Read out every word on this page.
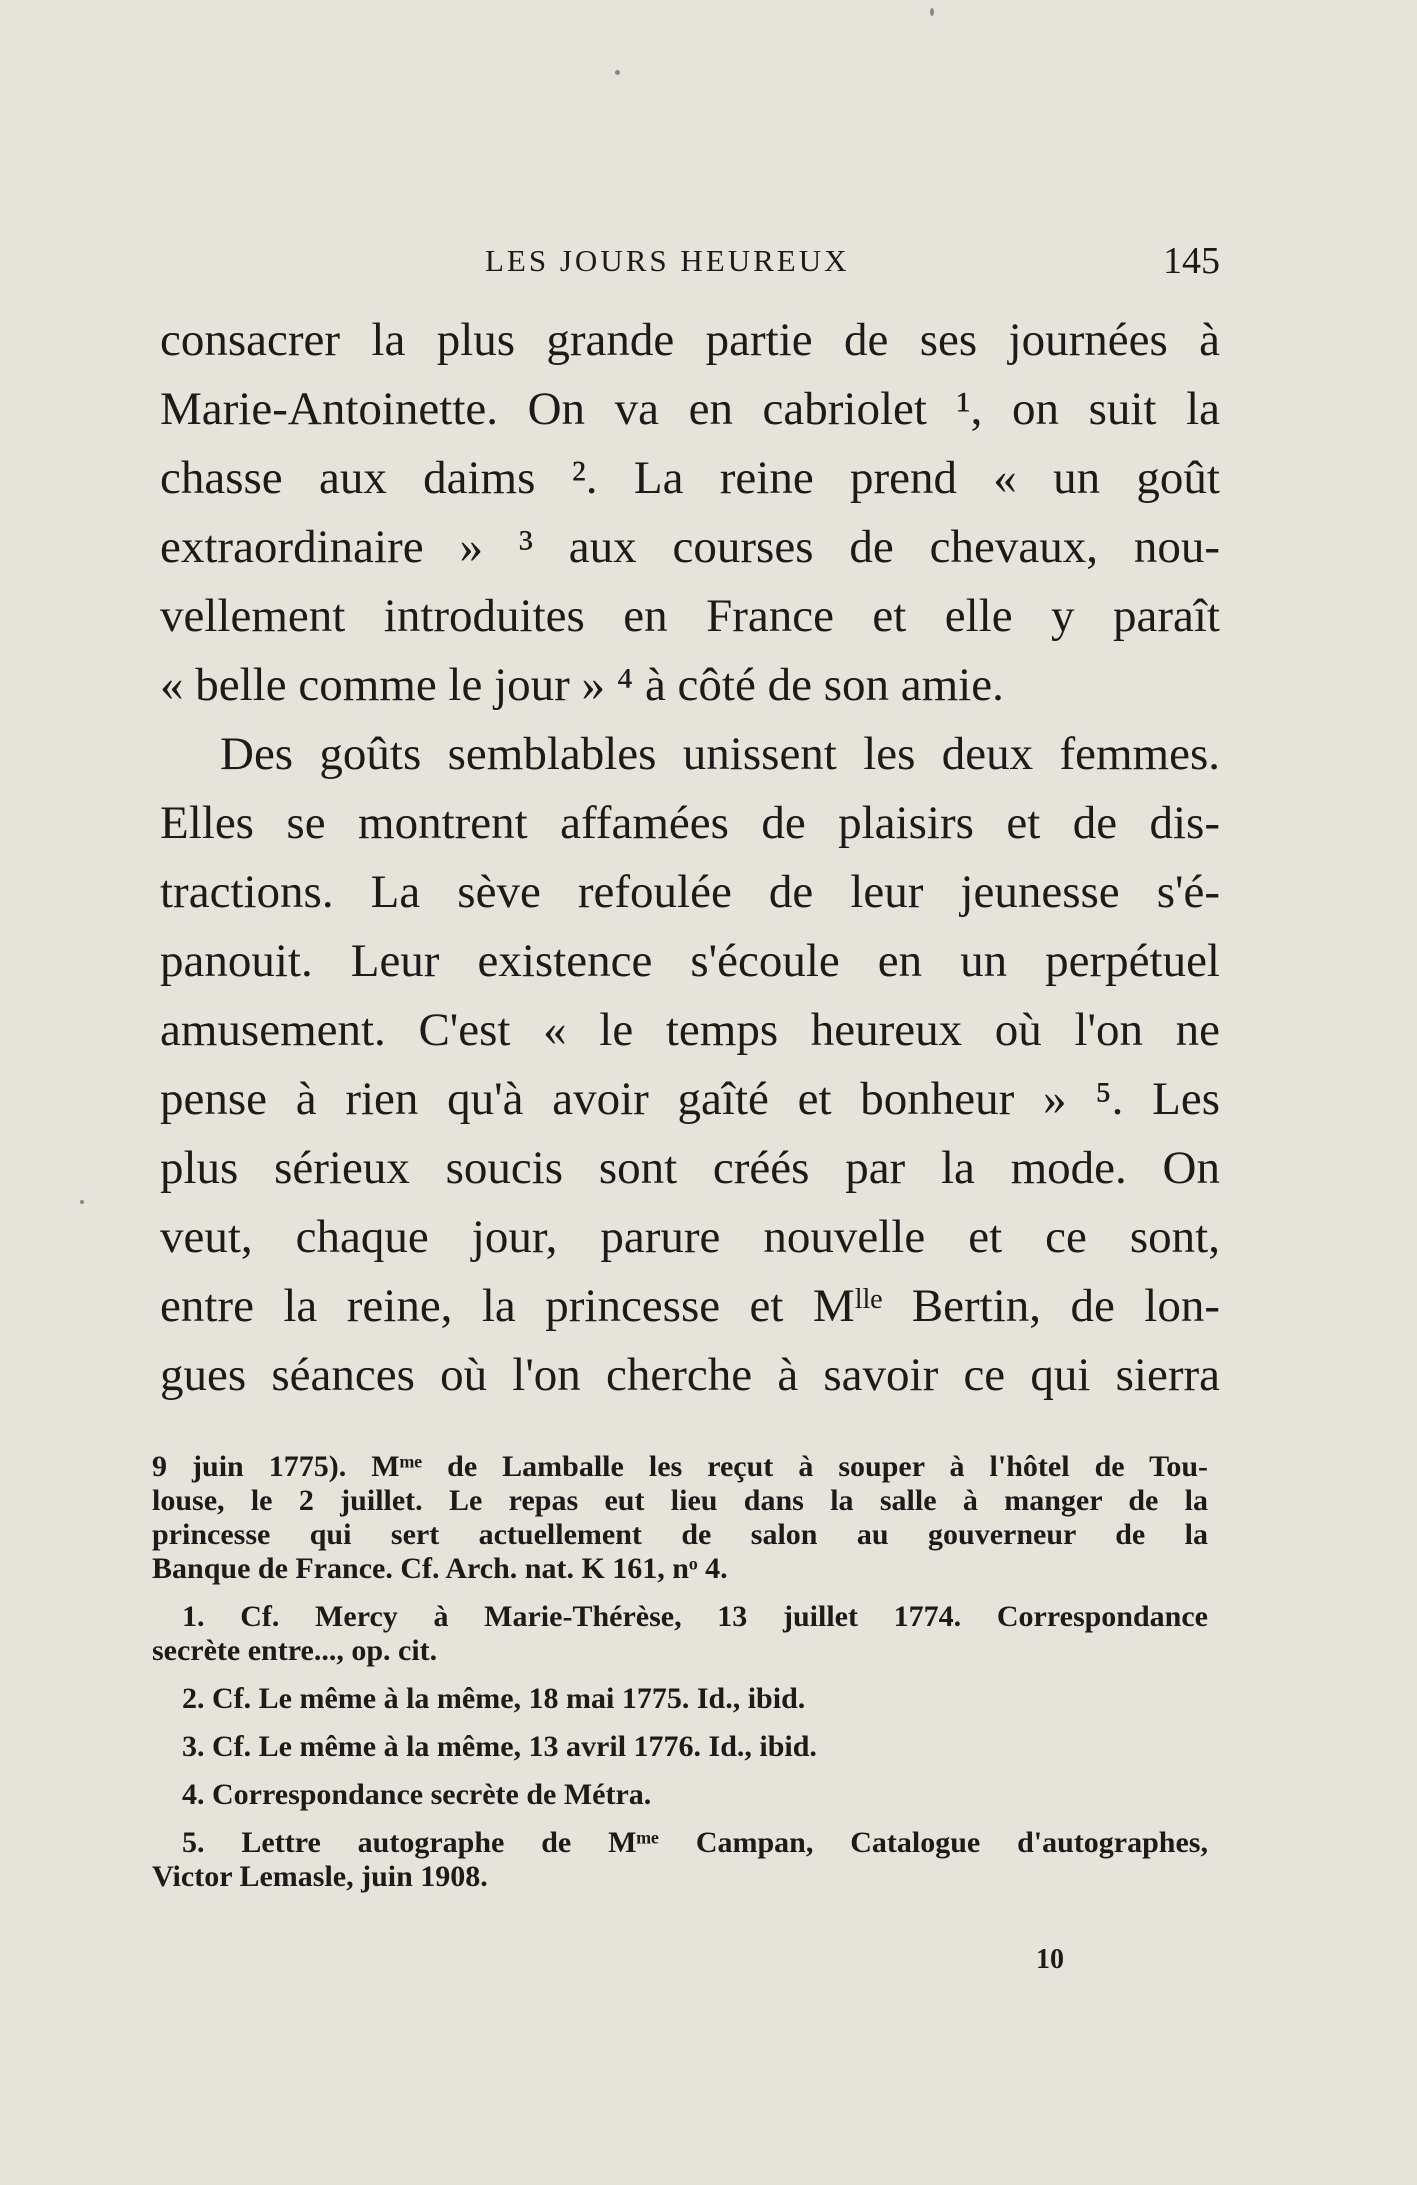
LES JOURS HEUREUX	145
consacrer la plus grande partie de ses journées à
Marie-Antoinette. On va en cabriolet ¹, on suit la
chasse aux daims ². La reine prend « un goût
extraordinaire » ³ aux courses de chevaux, nou-
vellement introduites en France et elle y paraît
« belle comme le jour » ⁴ à côté de son amie.
Des goûts semblables unissent les deux femmes.
Elles se montrent affamées de plaisirs et de dis-
tractions. La sève refoulée de leur jeunesse s'é-
panouit. Leur existence s'écoule en un perpétuel
amusement. C'est « le temps heureux où l'on ne
pense à rien qu'à avoir gaîté et bonheur » ⁵. Les
plus sérieux soucis sont créés par la mode. On
veut, chaque jour, parure nouvelle et ce sont,
entre la reine, la princesse et Mˡˡᵉ Bertin, de lon-
gues séances où l'on cherche à savoir ce qui sierra
9 juin 1775). Mᵐᵉ de Lamballe les reçut à souper à l'hôtel de Tou-
louse, le 2 juillet. Le repas eut lieu dans la salle à manger de la
princesse qui sert actuellement de salon au gouverneur de la
Banque de France. Cf. Arch. nat. K 161, nᵒ 4.
1. Cf. Mercy à Marie-Thérèse, 13 juillet 1774. Correspondance
secrète entre..., op. cit.
2. Cf. Le même à la même, 18 mai 1775. Id., ibid.
3. Cf. Le même à la même, 13 avril 1776. Id., ibid.
4. Correspondance secrète de Métra.
5. Lettre autographe de Mᵐᵉ Campan, Catalogue d'autographes,
Victor Lemasle, juin 1908.
10
